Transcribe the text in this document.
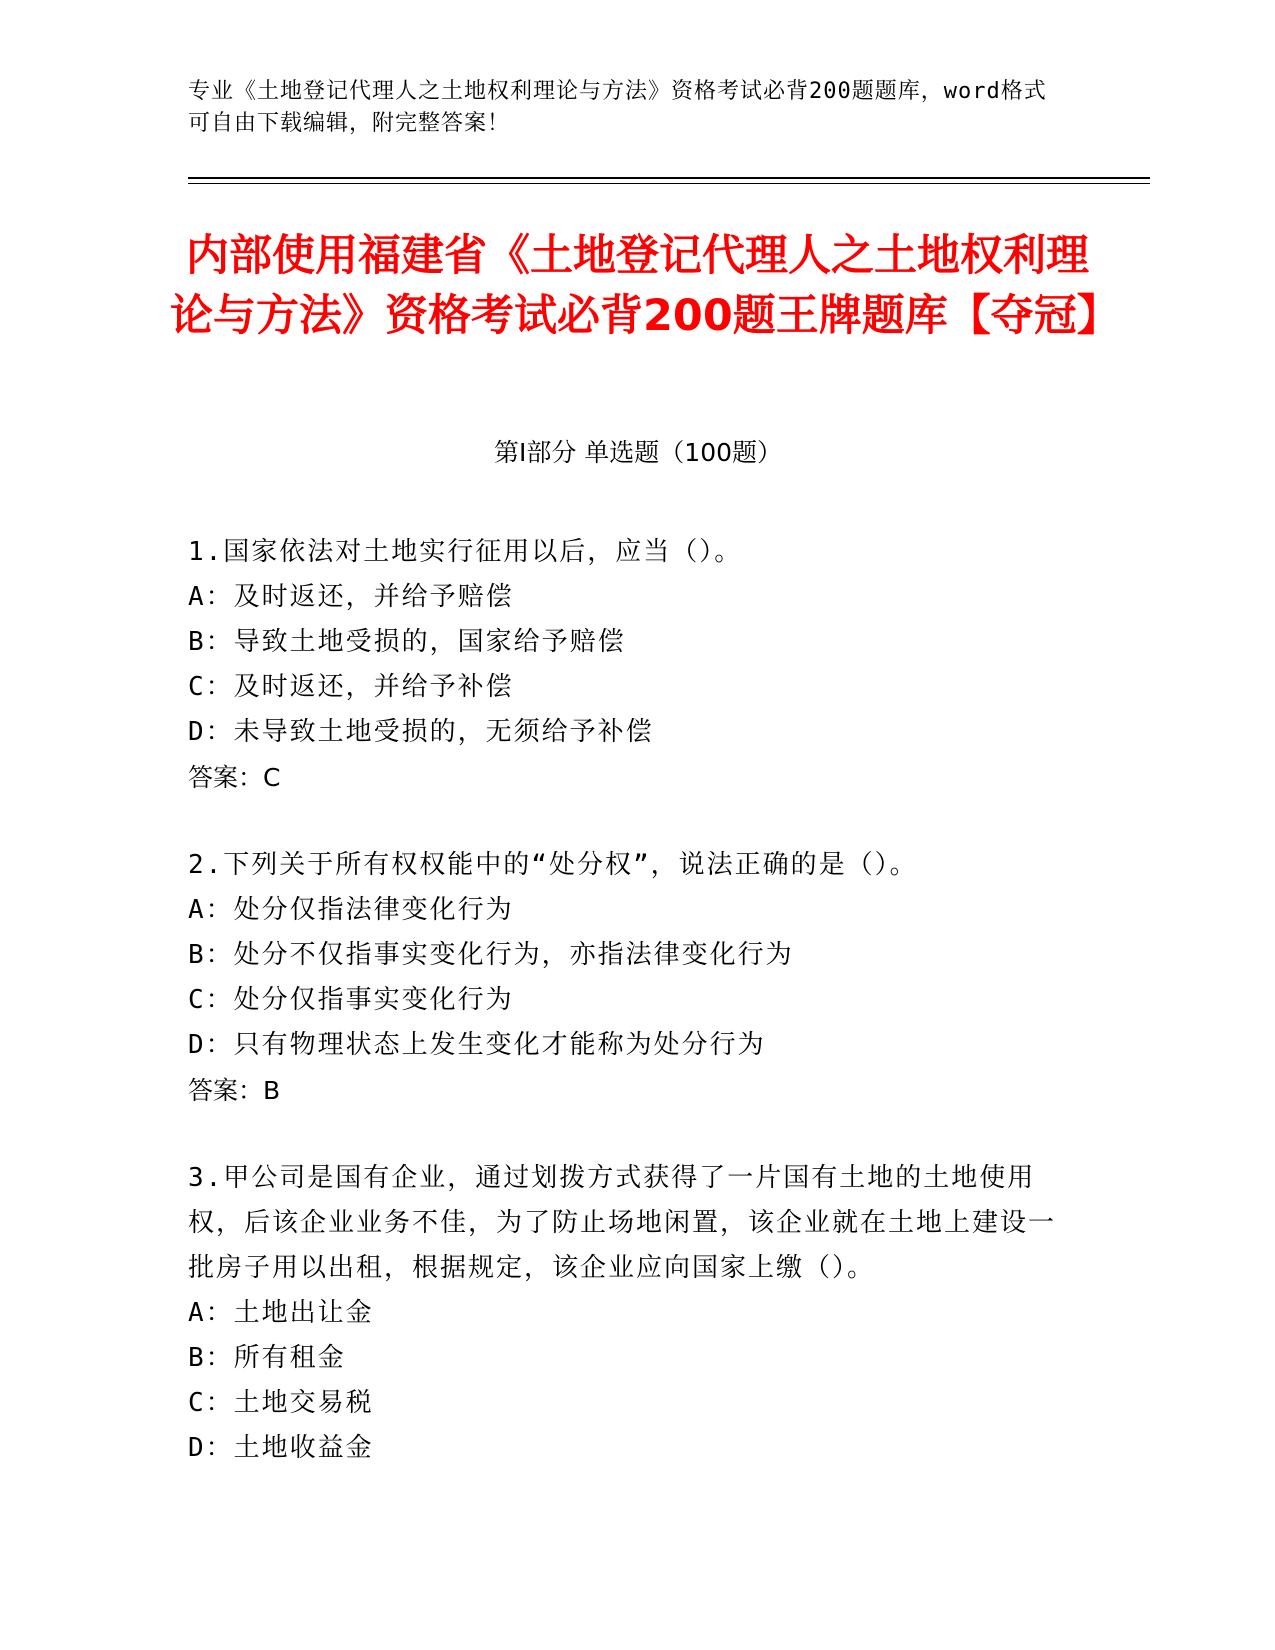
专业《土地登记代理人之土地权利理论与方法》资格考试必背200题题库，word格式可自由下载编辑，附完整答案！
内部使用福建省《土地登记代理人之土地权利理论与方法》资格考试必背200题王牌题库【夺冠】
第Ⅰ部分 单选题（100题）
1.国家依法对土地实行征用以后，应当（）。
A：及时返还，并给予赔偿
B：导致土地受损的，国家给予赔偿
C：及时返还，并给予补偿
D：未导致土地受损的，无须给予补偿
答案：C
2.下列关于所有权权能中的“处分权”，说法正确的是（）。
A：处分仅指法律变化行为
B：处分不仅指事实变化行为，亦指法律变化行为
C：处分仅指事实变化行为
D：只有物理状态上发生变化才能称为处分行为
答案：B
3.甲公司是国有企业，通过划拨方式获得了一片国有土地的土地使用权，后该企业业务不佳，为了防止场地闲置，该企业就在土地上建设一批房子用以出租，根据规定，该企业应向国家上缴（）。
A：土地出让金
B：所有租金
C：土地交易税
D：土地收益金
